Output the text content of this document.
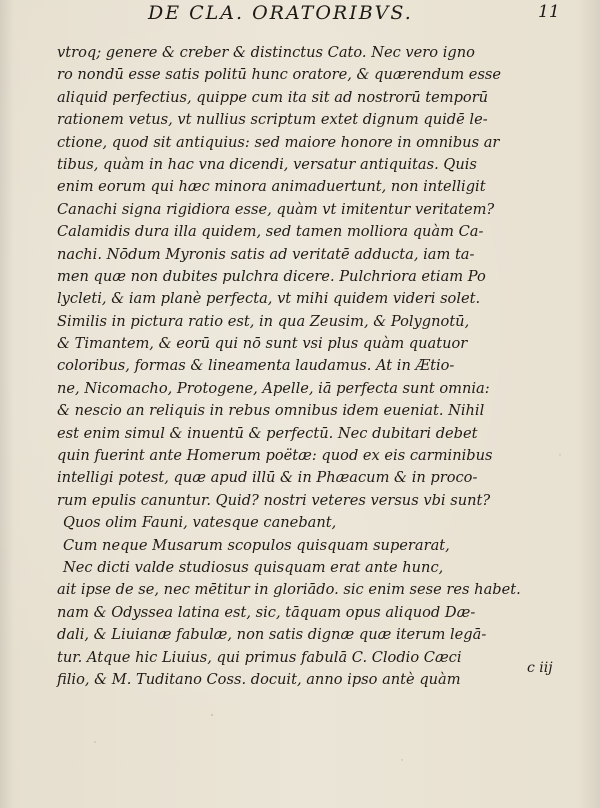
DE CLA. ORATORIBVS.	11
vtroq; genere & creber & distinctus Cato. Nec vero igno
ro nondū esse satis politū hunc oratore, & quærendum esse
aliquid perfectius, quippe cum ita sit ad nostrorū temporū
rationem vetus, vt nullius scriptum extet dignum quidē le-
ctione, quod sit antiquius: sed maiore honore in omnibus ar
tibus, quàm in hac vna dicendi, versatur antiquitas. Quis
enim eorum qui hæc minora animaduertunt, non intelligit
Canachi signa rigidiora esse, quàm vt imitentur veritatem?
Calamidis dura illa quidem, sed tamen molliora quàm Ca-
nachi. Nōdum Myronis satis ad veritatē adducta, iam ta-
men quæ non dubites pulchra dicere. Pulchriora etiam Po
lycleti, & iam planè perfecta, vt mihi quidem videri solet.
Similis in pictura ratio est, in qua Zeusim, & Polygnotū,
& Timantem, & eorū qui nō sunt vsi plus quàm quatuor
coloribus, formas & lineamenta laudamus. At in Ætio-
ne, Nicomacho, Protogene, Apelle, iā perfecta sunt omnia:
& nescio an reliquis in rebus omnibus idem eueniat. Nihil
est enim simul & inuentū & perfectū. Nec dubitari debet
quin fuerint ante Homerum poëtæ: quod ex eis carminibus
intelligi potest, quæ apud illū & in Phæacum & in proco-
rum epulis canuntur. Quid? nostri veteres versus vbi sunt?
Quos olim Fauni, vatesque canebant,
Cum neque Musarum scopulos quisquam superarat,
Nec dicti valde studiosus quisquam erat ante hunc,
ait ipse de se, nec mētitur in gloriādo. sic enim sese res habet.
nam & Odyssea latina est, sic, tāquam opus aliquod Dæ-
dali, & Liuianæ fabulæ, non satis dignæ quæ iterum legā-
tur. Atque hic Liuius, qui primus fabulā C. Clodio Cæci
filio, & M. Tuditano Coss. docuit, anno ipso antè quàm
c iij
